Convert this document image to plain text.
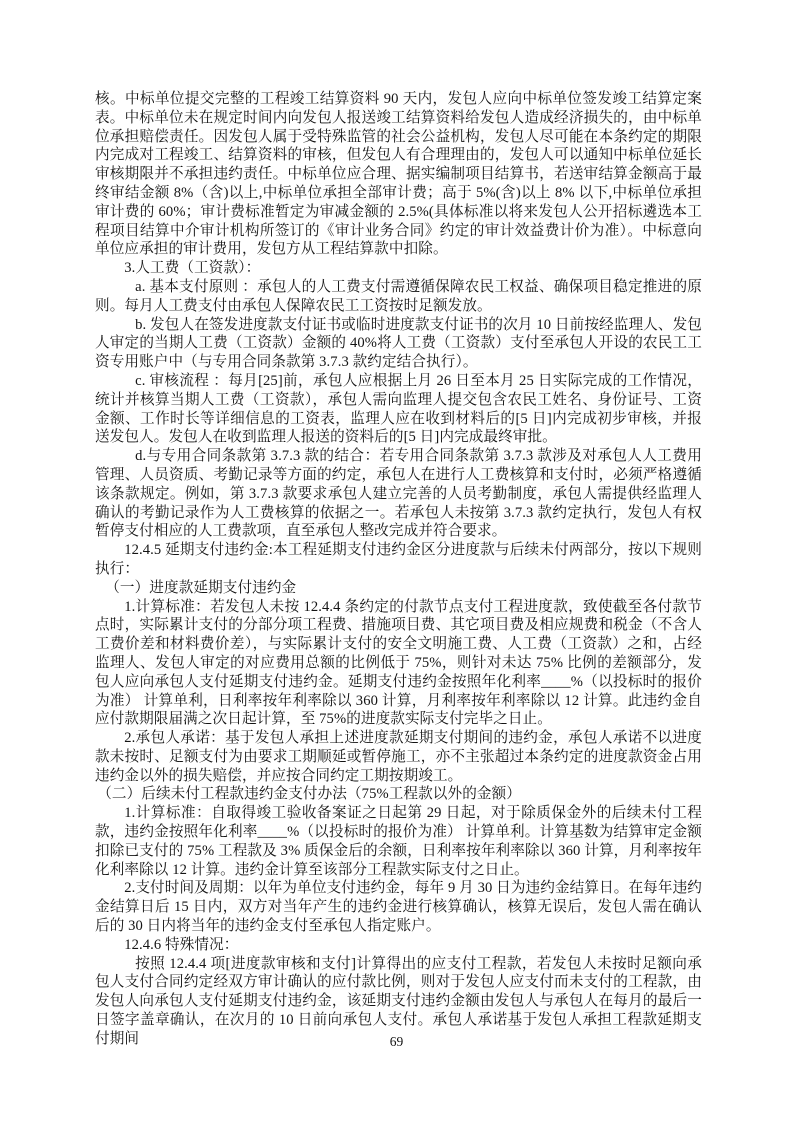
核。中标单位提交完整的工程竣工结算资料 90 天内，发包人应向中标单位签发竣工结算定案表。中标单位未在规定时间内向发包人报送竣工结算资料给发包人造成经济损失的，由中标单位承担赔偿责任。因发包人属于受特殊监管的社会公益机构，发包人尽可能在本条约定的期限内完成对工程竣工、结算资料的审核，但发包人有合理理由的，发包人可以通知中标单位延长审核期限并不承担违约责任。中标单位应合理、据实编制项目结算书，若送审结算金额高于最终审结金额 8%（含)以上,中标单位承担全部审计费；高于 5%(含)以上 8% 以下,中标单位承担审计费的 60%；审计费标准暂定为审减金额的 2.5%(具体标准以将来发包人公开招标遴选本工程项目结算中介审计机构所签订的《审计业务合同》约定的审计效益费计价为准）。中标意向单位应承担的审计费用，发包方从工程结算款中扣除。

3.人工费（工资款）：

a. 基本支付原则 ：承包人的人工费支付需遵循保障农民工权益、确保项目稳定推进的原则。每月人工费支付由承包人保障农民工工资按时足额发放。

b. 发包人在签发进度款支付证书或临时进度款支付证书的次月 10 日前按经监理人、发包人审定的当期人工费（工资款）金额的 40%将人工费（工资款）支付至承包人开设的农民工工资专用账户中（与专用合同条款第 3.7.3 款约定结合执行）。

c. 审核流程 ：每月[25]前，承包人应根据上月 26 日至本月 25 日实际完成的工作情况，统计并核算当期人工费（工资款），承包人需向监理人提交包含农民工姓名、身份证号、工资金额、工作时长等详细信息的工资表，监理人应在收到材料后的[5 日]内完成初步审核，并报送发包人。发包人在收到监理人报送的资料后的[5 日]内完成最终审批。

d.与专用合同条款第 3.7.3 款的结合：若专用合同条款第 3.7.3 款涉及对承包人人工费用管理、人员资质、考勤记录等方面的约定，承包人在进行人工费核算和支付时，必须严格遵循该条款规定。例如，第 3.7.3 款要求承包人建立完善的人员考勤制度，承包人需提供经监理人确认的考勤记录作为人工费核算的依据之一。若承包人未按第 3.7.3 款约定执行，发包人有权暂停支付相应的人工费款项，直至承包人整改完成并符合要求。

12.4.5 延期支付违约金:本工程延期支付违约金区分进度款与后续未付两部分，按以下规则执行：

（一）进度款延期支付违约金

1.计算标准：若发包人未按 12.4.4 条约定的付款节点支付工程进度款，致使截至各付款节点时，实际累计支付的分部分项工程费、措施项目费、其它项目费及相应规费和税金（不含人工费价差和材料费价差），与实际累计支付的安全文明施工费、人工费（工资款）之和，占经监理人、发包人审定的对应费用总额的比例低于 75%，则针对未达 75% 比例的差额部分，发包人应向承包人支付延期支付违约金。延期支付违约金按照年化利率____%（以投标时的报价为准） 计算单利，日利率按年利率除以 360 计算，月利率按年利率除以 12 计算。此违约金自应付款期限届满之次日起计算，至 75%的进度款实际支付完毕之日止。

2.承包人承诺：基于发包人承担上述进度款延期支付期间的违约金，承包人承诺不以进度款未按时、足额支付为由要求工期顺延或暂停施工，亦不主张超过本条约定的进度款资金占用违约金以外的损失赔偿，并应按合同约定工期按期竣工。

（二）后续未付工程款违约金支付办法（75%工程款以外的金额）

1.计算标准：自取得竣工验收备案证之日起第 29 日起，对于除质保金外的后续未付工程款，违约金按照年化利率____%（以投标时的报价为准） 计算单利。计算基数为结算审定金额扣除已支付的 75% 工程款及 3% 质保金后的余额，日利率按年利率除以 360 计算，月利率按年化利率除以 12 计算。违约金计算至该部分工程款实际支付之日止。

2.支付时间及周期：以年为单位支付违约金，每年 9 月 30 日为违约金结算日。在每年违约金结算日后 15 日内，双方对当年产生的违约金进行核算确认，核算无误后，发包人需在确认后的 30 日内将当年的违约金支付至承包人指定账户。

12.4.6 特殊情况：

按照 12.4.4 项[进度款审核和支付]计算得出的应支付工程款，若发包人未按时足额向承包人支付合同约定经双方审计确认的应付款比例，则对于发包人应支付而未支付的工程款，由发包人向承包人支付延期支付违约金，该延期支付违约金额由发包人与承包人在每月的最后一日签字盖章确认，在次月的 10 日前向承包人支付。承包人承诺基于发包人承担工程款延期支付期间	69
